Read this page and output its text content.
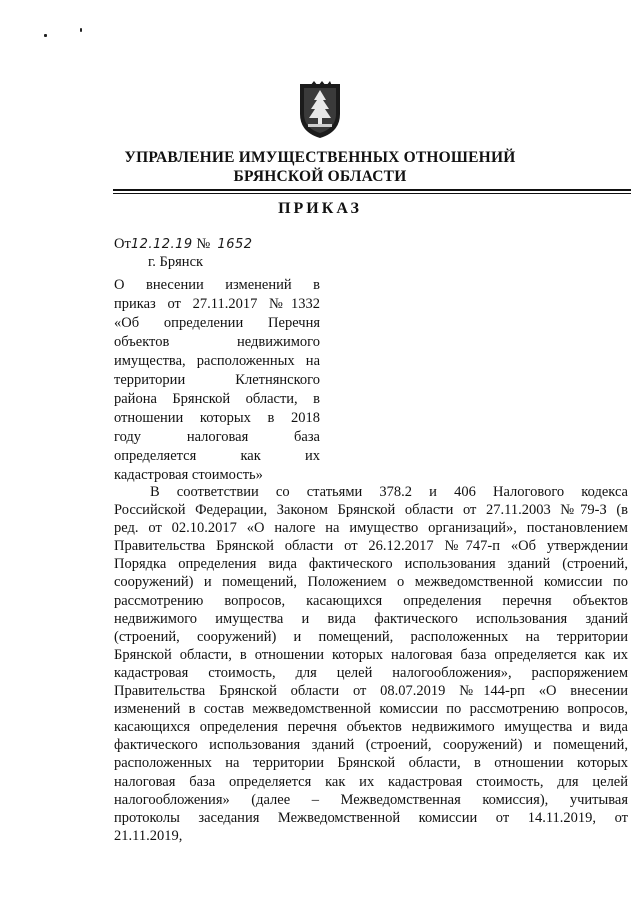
УПРАВЛЕНИЕ ИМУЩЕСТВЕННЫХ ОТНОШЕНИЙ
БРЯНСКОЙ ОБЛАСТИ
ПРИКАЗ
От12.12.19 № 1652
г. Брянск
О внесении изменений в
приказ от 27.11.2017 №1332
«Об определении Перечня
объектов недвижимого
имущества, расположенных на
территории Клетнянского
района Брянской области, в
отношении которых в 2018
году налоговая база
определяется как их
кадастровая стоимость»
В соответствии со статьями 378.2 и 406 Налогового кодекса
Российской Федерации, Законом Брянской области от 27.11.2003 №79-З (в
ред. от 02.10.2017 «О налоге на имущество организаций», постановлением
Правительства Брянской области от 26.12.2017 №747-п «Об утверждении
Порядка определения вида фактического использования зданий (строений,
сооружений) и помещений, Положением о межведомственной комиссии по
рассмотрению вопросов, касающихся определения перечня объектов
недвижимого имущества и вида фактического использования зданий
(строений, сооружений) и помещений, расположенных на территории
Брянской области, в отношении которых налоговая база определяется как их
кадастровая стоимость, для целей налогообложения», распоряжением
Правительства Брянской области от 08.07.2019 №144-рп «О внесении
изменений в состав межведомственной комиссии по рассмотрению вопросов,
касающихся определения перечня объектов недвижимого имущества и вида
фактического использования зданий (строений, сооружений) и помещений,
расположенных на территории Брянской области, в отношении которых
налоговая база определяется как их кадастровая стоимость, для целей
налогообложения» (далее – Межведомственная комиссия), учитывая
протоколы заседания Межведомственной комиссии от 14.11.2019, от
21.11.2019,
